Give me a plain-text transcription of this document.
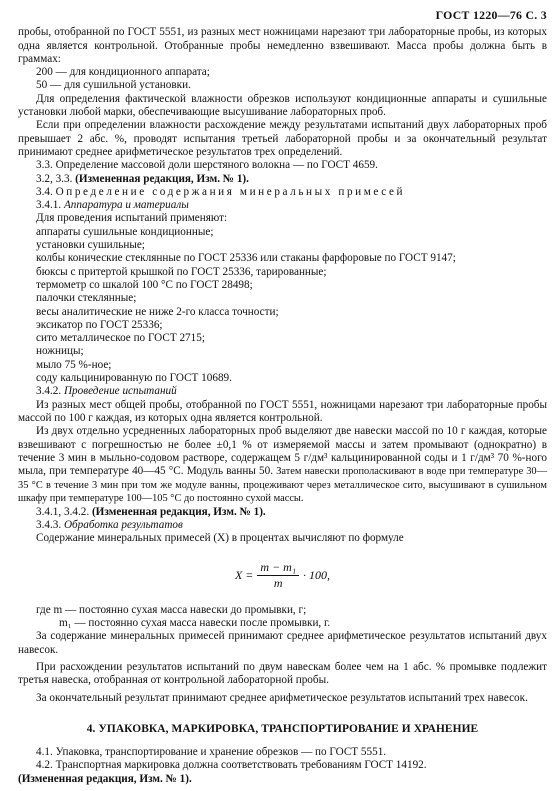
ГОСТ 1220—76 С. 3

пробы, отобранной по ГОСТ 5551, из разных мест ножницами нарезают три лабораторные пробы, из которых одна является контрольной. Отобранные пробы немедленно взвешивают. Масса пробы должна быть в граммах:

200 — для кондиционного аппарата;

50 — для сушильной установки.

Для определения фактической влажности обрезков используют кондиционные аппараты и сушильные установки любой марки, обеспечивающие высушивание лабораторных проб.

Если при определении влажности расхождение между результатами испытаний двух лабораторных проб превышает 2 абс. %, проводят испытания третьей лабораторной пробы и за окончательный результат принимают среднее арифметическое результатов трех определений.

3.3. Определение массовой доли шерстяного волокна — по ГОСТ 4659.

3.2, 3.3. (Измененная редакция, Изм. № 1).

3.4. Определение содержания минеральных примесей

3.4.1. Аппаратура и материалы

Для проведения испытаний применяют:

аппараты сушильные кондиционные;

установки сушильные;

колбы конические стеклянные по ГОСТ 25336 или стаканы фарфоровые по ГОСТ 9147;

бюксы с притертой крышкой по ГОСТ 25336, тарированные;

термометр со шкалой 100 °С по ГОСТ 28498;

палочки стеклянные;

весы аналитические не ниже 2-го класса точности;

эксикатор по ГОСТ 25336;

сито металлическое по ГОСТ 2715;

ножницы;

мыло 75 %-ное;

соду кальцинированную по ГОСТ 10689.

3.4.2. Проведение испытаний

Из разных мест общей пробы, отобранной по ГОСТ 5551, ножницами нарезают три лабораторные пробы массой по 100 г каждая, из которых одна является контрольной.

Из двух отдельно усредненных лабораторных проб выделяют две навески массой по 10 г каждая, которые взвешивают с погрешностью не более ±0,1 % от измеряемой массы и затем промывают (однократно) в течение 3 мин в мыльно-содовом растворе, содержащем 5 г/дм³ кальцинированной соды и 1 г/дм³ 70 %-ного мыла, при температуре 40—45 °С. Модуль ванны 50. Затем навески прополаскивают в воде при температуре 30—35 °С в течение 3 мин при том же модуле ванны, процеживают через металлическое сито, высушивают в сушильном шкафу при температуре 100—105 °С до постоянно сухой массы.

3.4.1, 3.4.2. (Измененная редакция, Изм. № 1).

3.4.3. Обработка результатов

Содержание минеральных примесей (X) в процентах вычисляют по формуле

$X = \frac{\text{m − m₁}}{m} \cdot 100$,

где m — постоянно сухая масса навески до промывки, г;

m₁ — постоянно сухая масса навески после промывки, г.

За содержание минеральных примесей принимают среднее арифметическое результатов испытаний двух навесок.

При расхождении результатов испытаний по двум навескам более чем на 1 абс. % промывке подлежит третья навеска, отобранная от контрольной лабораторной пробы.

За окончательный результат принимают среднее арифметическое результатов испытаний трех навесок.

4. УПАКОВКА, МАРКИРОВКА, ТРАНСПОРТИРОВАНИЕ И ХРАНЕНИЕ

4.1. Упаковка, транспортирование и хранение обрезков — по ГОСТ 5551.

4.2. Транспортная маркировка должна соответствовать требованиям ГОСТ 14192.

(Измененная редакция, Изм. № 1).
